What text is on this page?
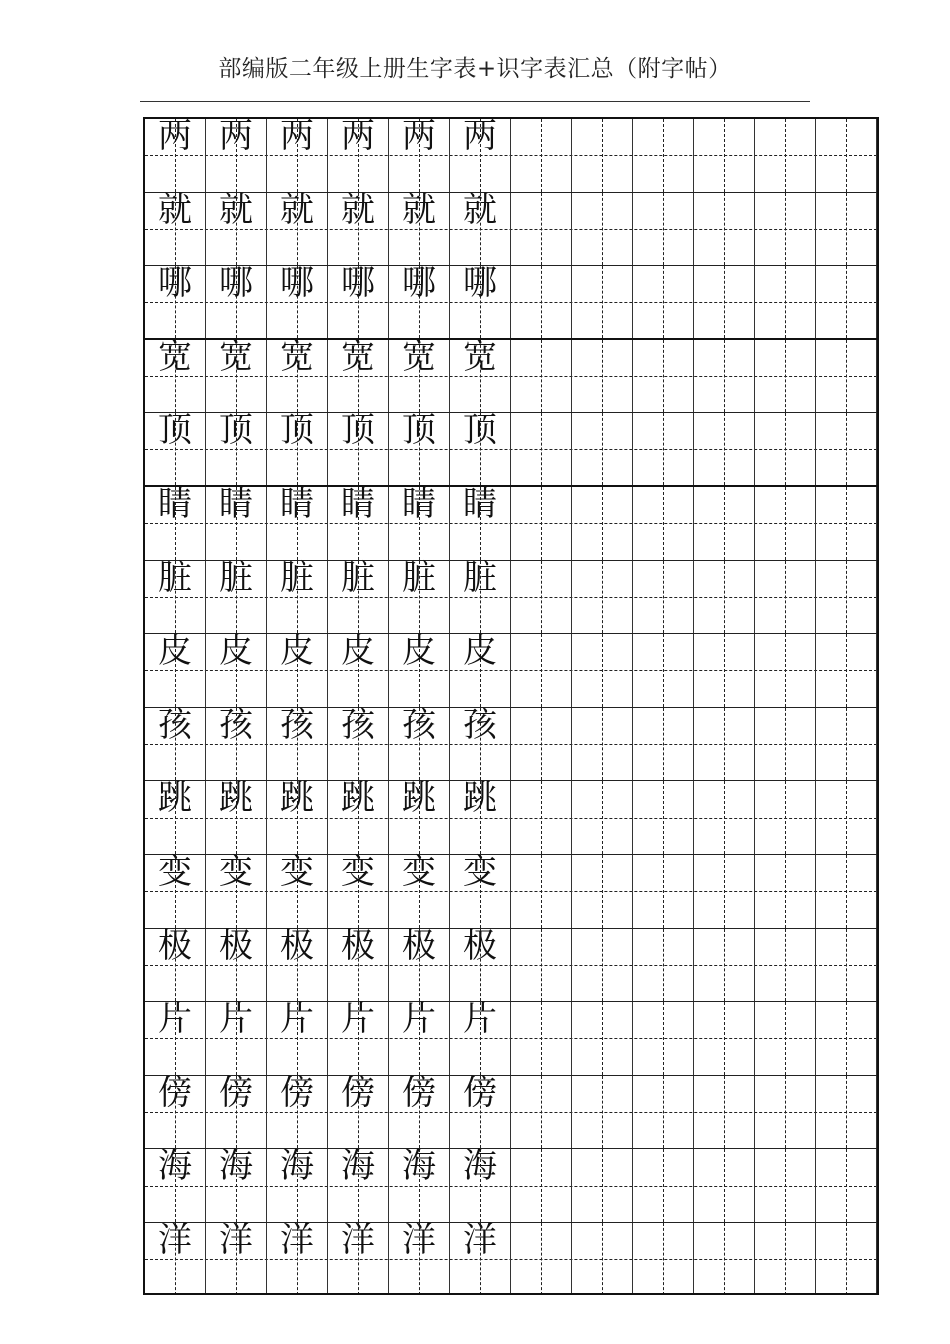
部编版二年级上册生字表+识字表汇总（附字帖）
两 两 两 两 两 两
就 就 就 就 就 就
哪 哪 哪 哪 哪 哪
宽 宽 宽 宽 宽 宽
顶 顶 顶 顶 顶 顶
睛 睛 睛 睛 睛 睛
脏 脏 脏 脏 脏 脏
皮 皮 皮 皮 皮 皮
孩 孩 孩 孩 孩 孩
跳 跳 跳 跳 跳 跳
变 变 变 变 变 变
极 极 极 极 极 极
片 片 片 片 片 片
傍 傍 傍 傍 傍 傍
海 海 海 海 海 海
洋 洋 洋 洋 洋 洋
